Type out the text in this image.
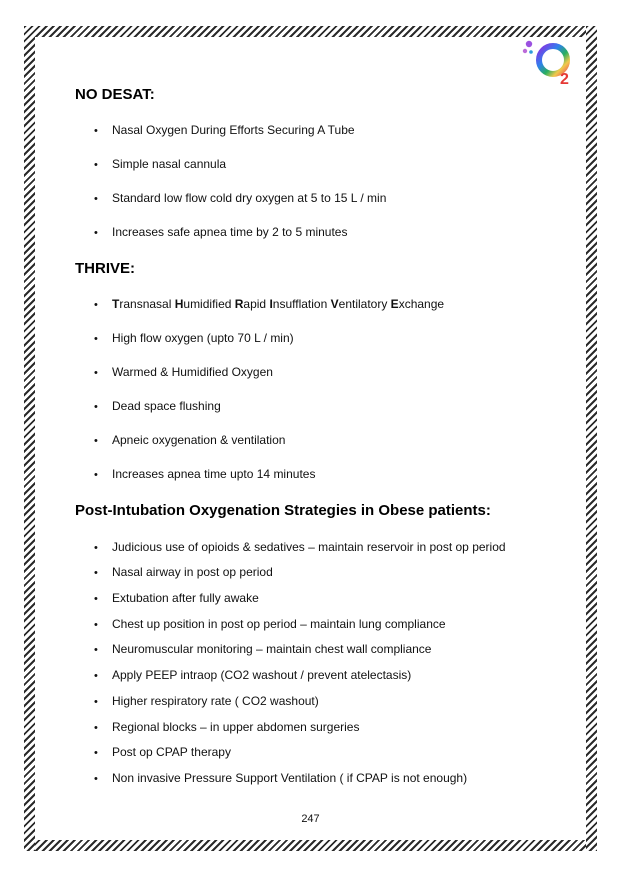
2
NO DESAT:
• Nasal Oxygen During Efforts Securing A Tube
• Simple nasal cannula
• Standard low flow cold dry oxygen at 5 to 15 L / min
• Increases safe apnea time by 2 to 5 minutes
THRIVE:
• Transnasal Humidified Rapid Insufflation Ventilatory Exchange
• High flow oxygen (upto 70 L / min)
• Warmed & Humidified Oxygen
• Dead space flushing
• Apneic oxygenation & ventilation
• Increases apnea time upto 14 minutes
Post-Intubation Oxygenation Strategies in Obese patients:
• Judicious use of opioids & sedatives – maintain reservoir in post op period
• Nasal airway in post op period
• Extubation after fully awake
• Chest up position in post op period – maintain lung compliance
• Neuromuscular monitoring – maintain chest wall compliance
• Apply PEEP intraop (CO2 washout / prevent atelectasis)
• Higher respiratory rate ( CO2 washout)
• Regional blocks – in upper abdomen surgeries
• Post op CPAP therapy
• Non invasive Pressure Support Ventilation ( if CPAP is not enough)
247
